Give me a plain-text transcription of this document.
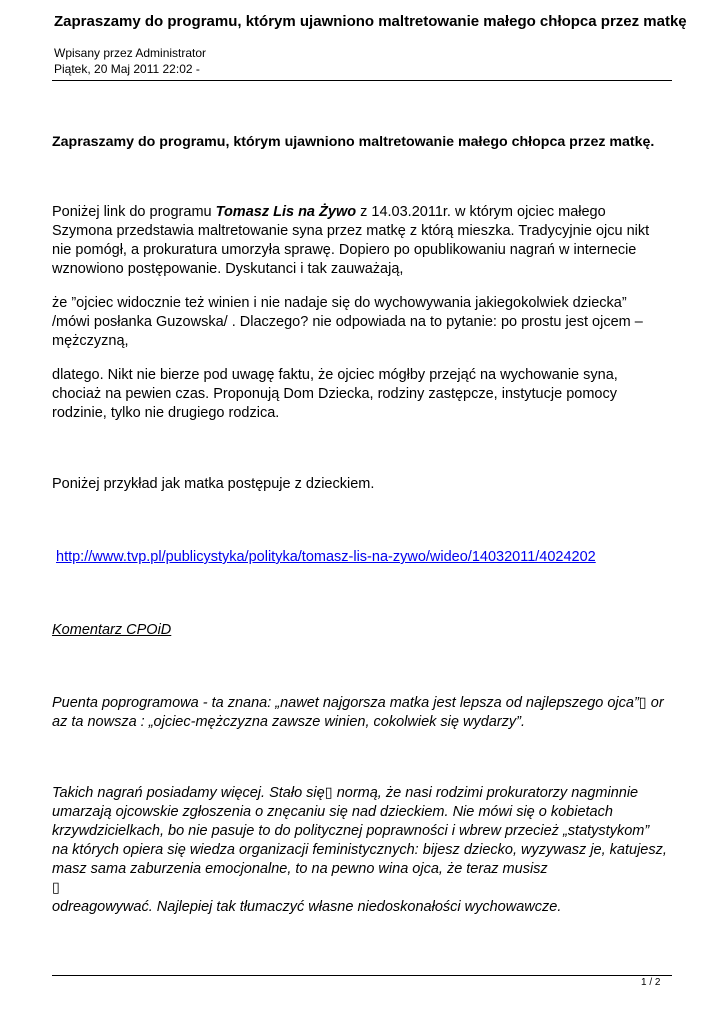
Zapraszamy do programu, którym ujawniono maltretowanie małego chłopca przez matkę
Wpisany przez Administrator
Piątek, 20 Maj 2011 22:02 -
Zapraszamy do programu, którym ujawniono maltretowanie małego chłopca przez matkę.
Poniżej link do programu Tomasz Lis na Żywo z 14.03.2011r. w którym ojciec małego
Szymona przedstawia maltretowanie syna przez matkę z którą mieszka. Tradycyjnie ojcu nikt
nie pomógł, a prokuratura umorzyła sprawę. Dopiero po opublikowaniu nagrań w internecie
wznowiono postępowanie. Dyskutanci i tak zauważają,
że ”ojciec widocznie też winien i nie nadaje się do wychowywania jakiegokolwiek dziecka”
/mówi posłanka Guzowska/ . Dlaczego? nie odpowiada na to pytanie: po prostu jest ojcem –
mężczyzną,
dlatego. Nikt nie bierze pod uwagę faktu, że ojciec mógłby przejąć na wychowanie syna,
chociaż na pewien czas. Proponują Dom Dziecka, rodziny zastępcze, instytucje pomocy
rodzinie, tylko nie drugiego rodzica.
Poniżej przykład jak matka postępuje z dzieckiem.
http://www.tvp.pl/publicystyka/polityka/tomasz-lis-na-zywo/wideo/14032011/4024202
Komentarz CPOiD
Puenta poprogramowa - ta znana: „nawet najgorsza matka jest lepsza od najlepszego ojca”▯ or
az ta nowsza : „ojciec-mężczyzna zawsze winien, cokolwiek się wydarzy”.
Takich nagrań posiadamy więcej. Stało się▯ normą, że nasi rodzimi prokuratorzy nagminnie
umarzają ojcowskie zgłoszenia o znęcaniu się nad dzieckiem. Nie mówi się o kobietach
krzywdzicielkach, bo nie pasuje to do politycznej poprawności i wbrew przecież „statystykom”
na których opiera się wiedza organizacji feministycznych: bijesz dziecko, wyzywasz je, katujesz,
masz sama zaburzenia emocjonalne, to na pewno wina ojca, że teraz musisz
▯
odreagowywać. Najlepiej tak tłumaczyć własne niedoskonałości wychowawcze.
1 / 2
